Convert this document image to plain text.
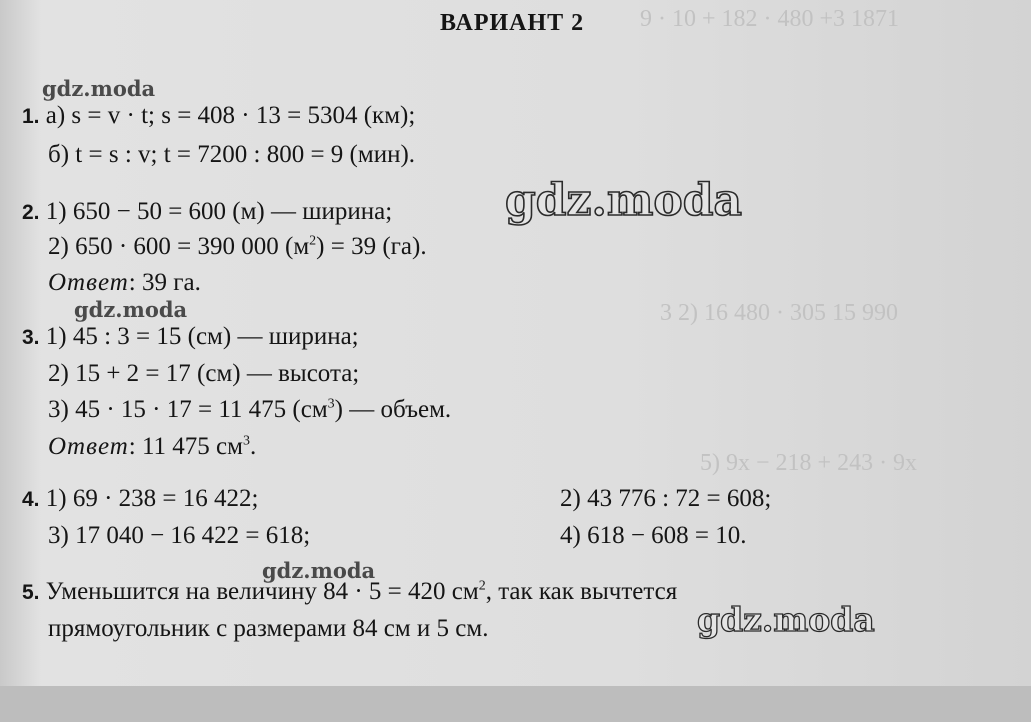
9 · 10 + 182 · 480 +3 1871
3 2) 16 480 · 305 15 990
5) 9x − 218 + 243 · 9x
ВАРИАНТ 2
1. а) s = v · t; s = 408 · 13 = 5304 (км);
б) t = s : v; t = 7200 : 800 = 9 (мин).
2. 1) 650 − 50 = 600 (м) — ширина;
2) 650 · 600 = 390 000 $(м^2) = 39$ (га).
Ответ: 39 га.
3. 1) 45 : 3 = 15 (см) — ширина;
2) 15 + 2 = 17 (см) — высота;
3) 45 · 15 · 17 = 11 475 $(см^3)$ — объем.
Ответ: 11 475 $см^3$.
4. 1) 69 · 238 = 16 422;	2) 43 776 : 72 = 608;
3) 17 040 − 16 422 = 618;	4) 618 − 608 = 10.
5. Уменьшится на величину 84 · 5 = 420 $см^2$, так как вычтется
прямоугольник с размерами 84 см и 5 см.
gdz.moda
gdz.moda
gdz.moda
gdz.moda
gdz.moda
